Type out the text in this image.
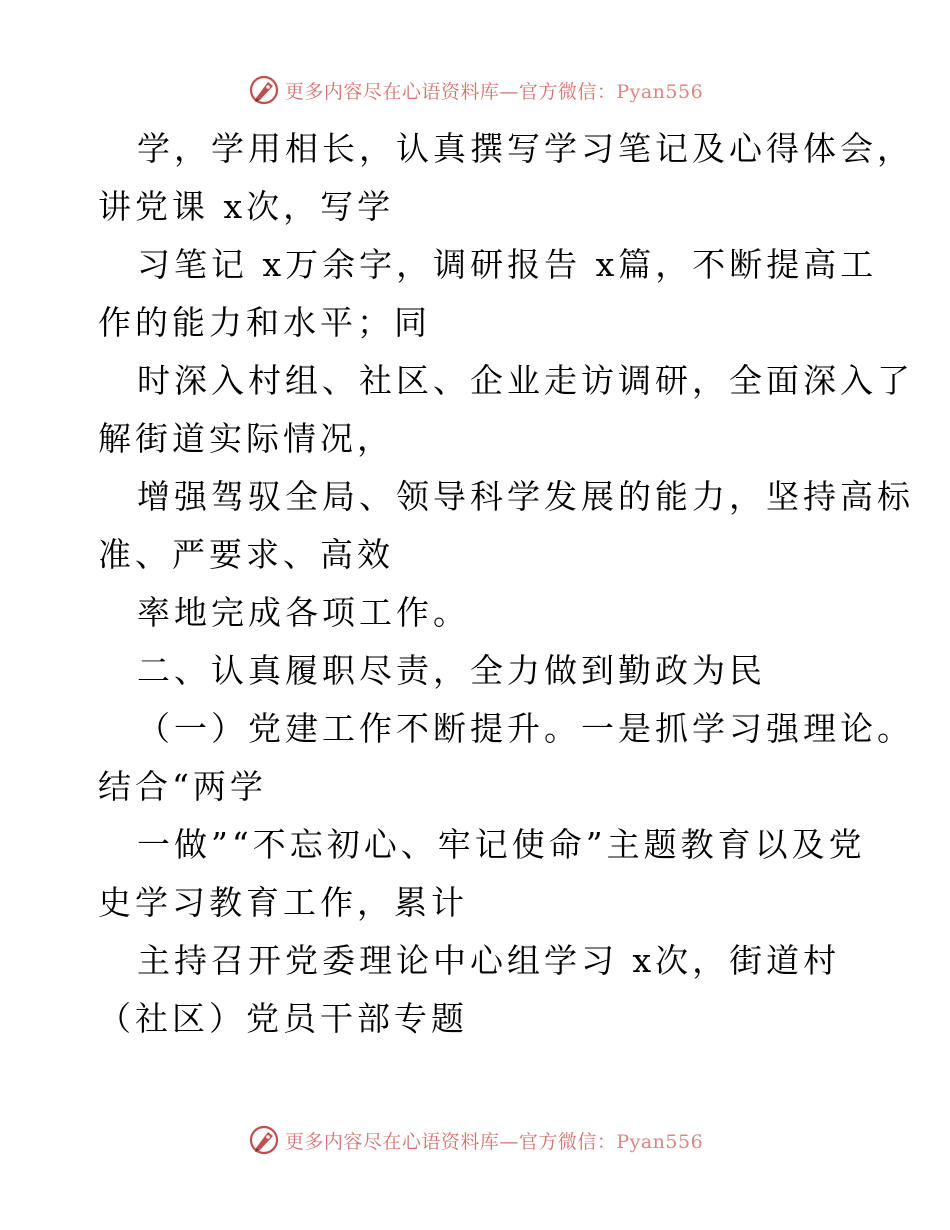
更多内容尽在心语资料库—官方微信：Pyan556
学，学用相长，认真撰写学习笔记及心得体会，
讲党课 x次，写学
习笔记 x万余字，调研报告 x篇，不断提高工
作的能力和水平；同
时深入村组、社区、企业走访调研，全面深入了
解街道实际情况，
增强驾驭全局、领导科学发展的能力，坚持高标
准、严要求、高效
率地完成各项工作。
二、认真履职尽责，全力做到勤政为民
（一）党建工作不断提升。一是抓学习强理论。
结合“两学
一做”“不忘初心、牢记使命”主题教育以及党
史学习教育工作，累计
主持召开党委理论中心组学习 x次，街道村
（社区）党员干部专题
更多内容尽在心语资料库—官方微信：Pyan556
